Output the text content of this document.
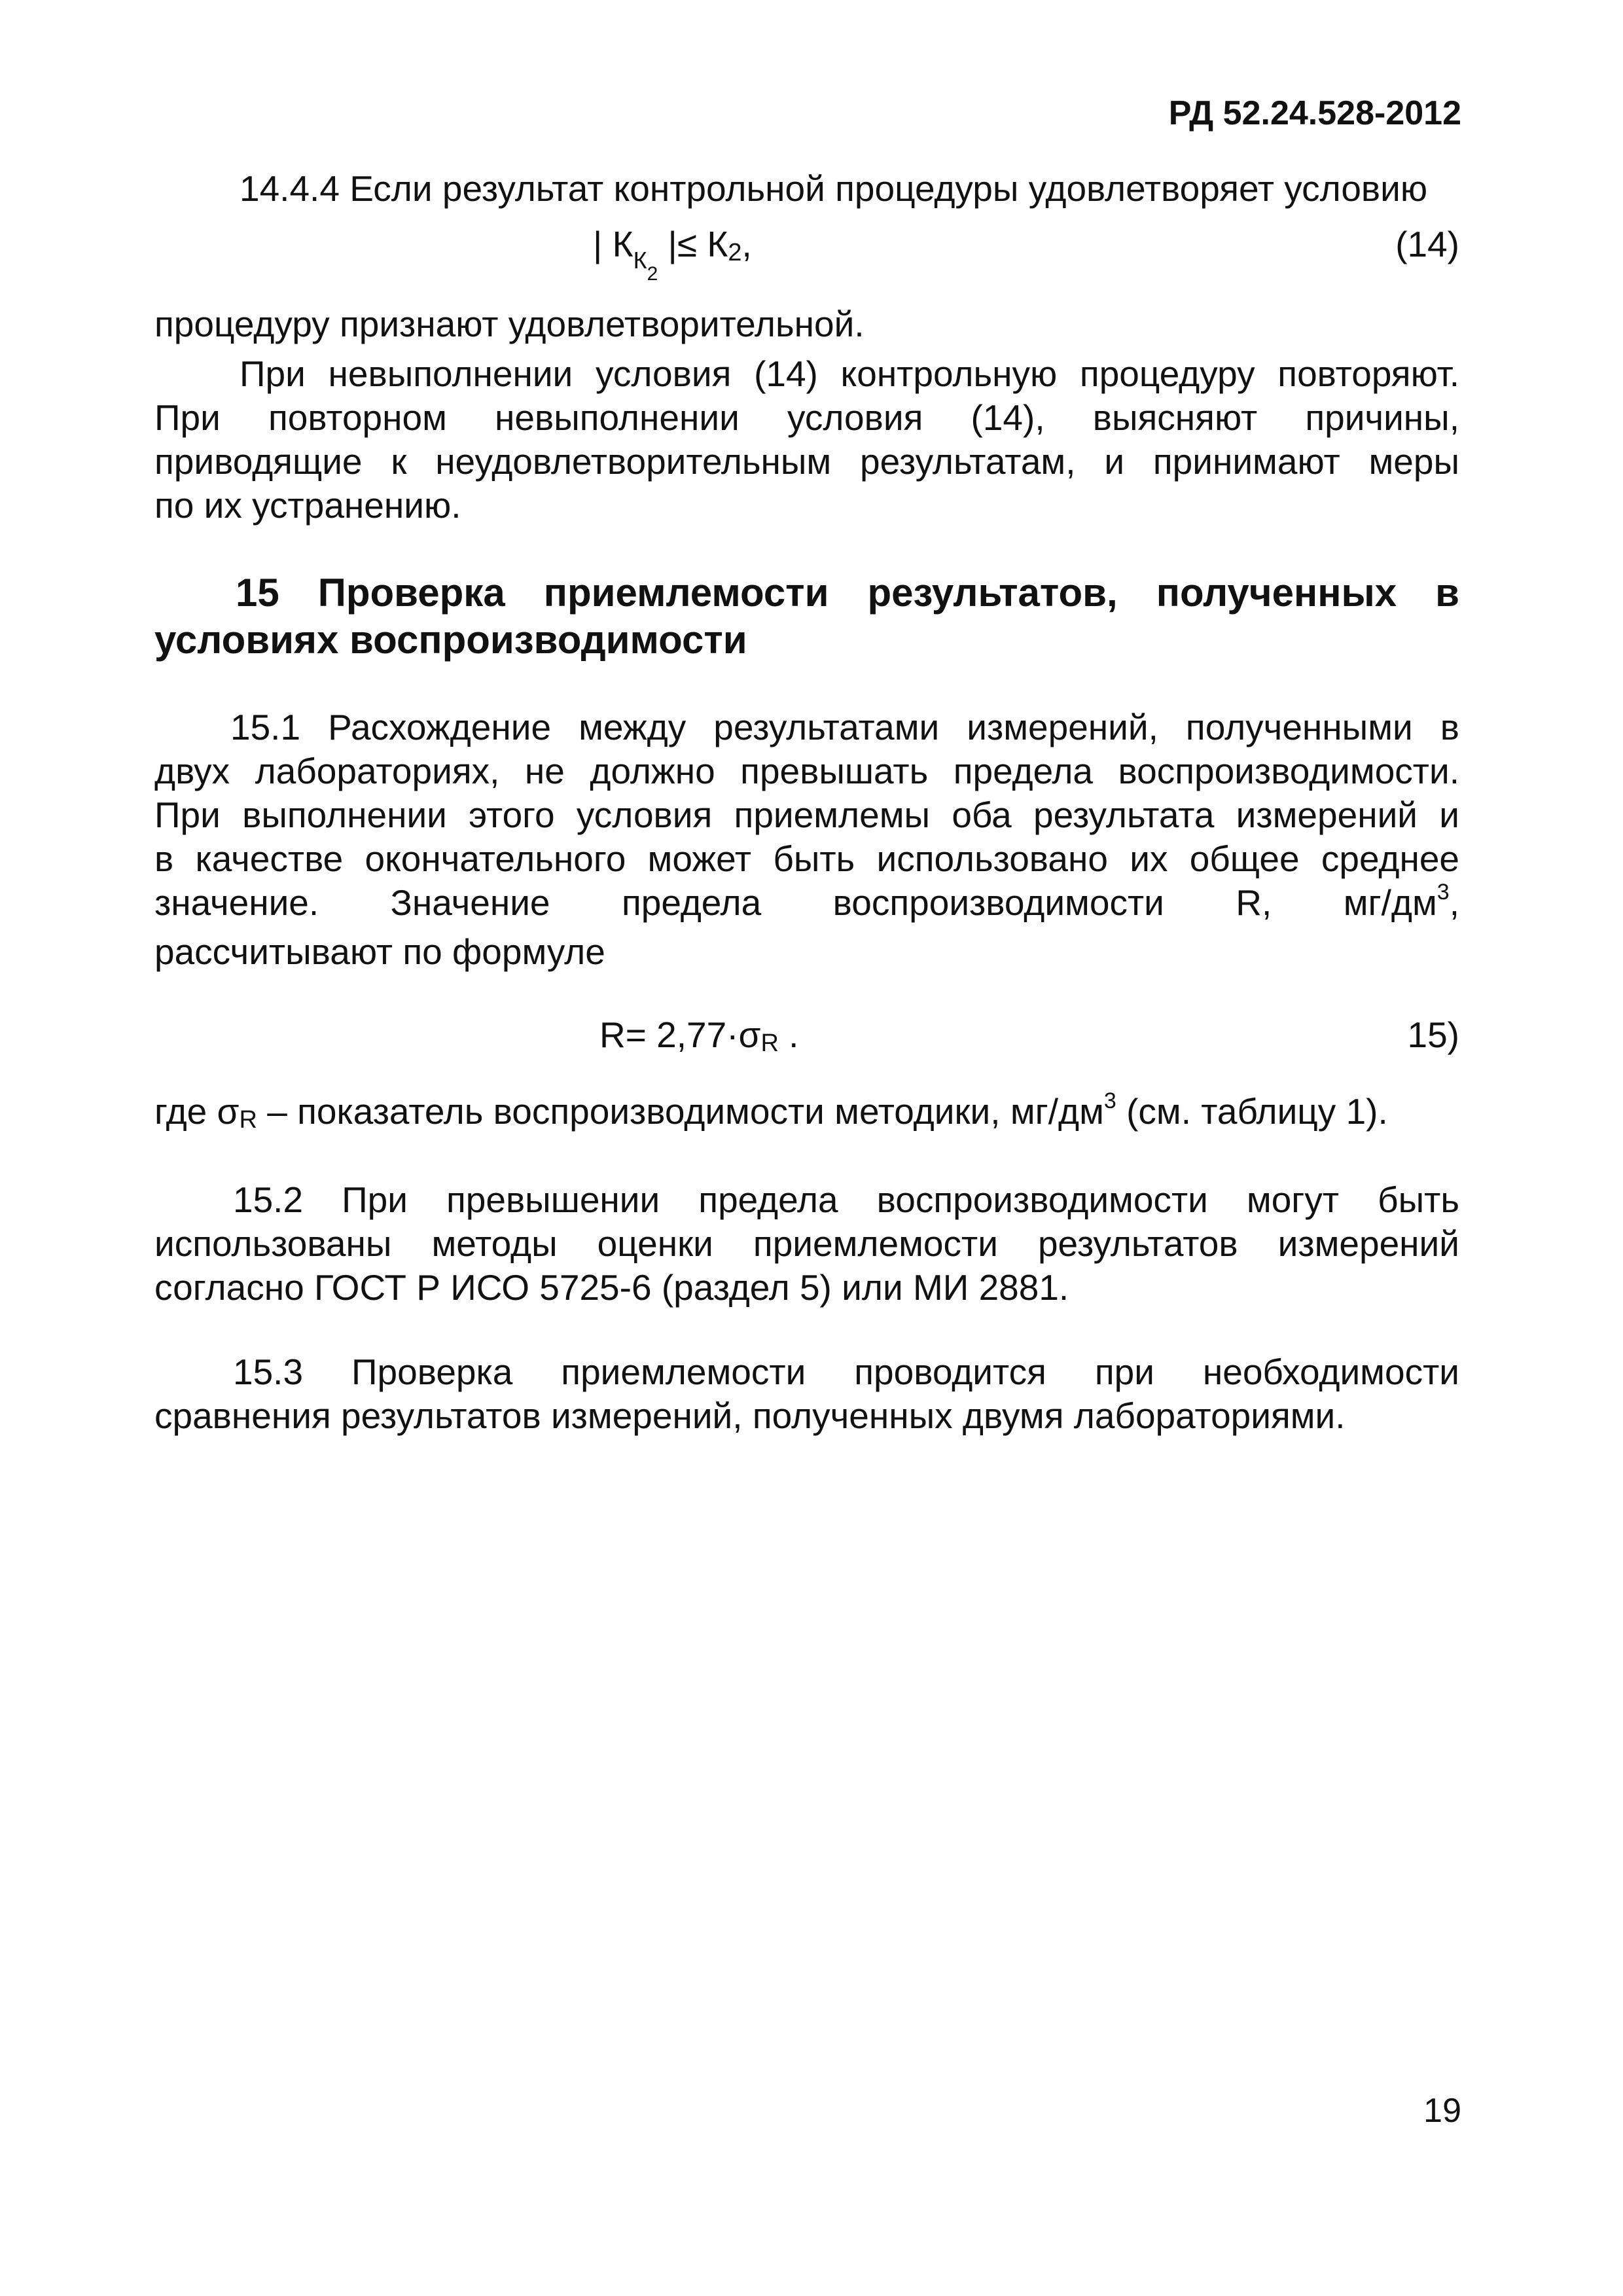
РД 52.24.528-2012
14.4.4 Если результат контрольной процедуры удовлетворяет условию
| $К_{К2}$ |≤ К2,	(14)
процедуру признают удовлетворительной.
При невыполнении условия (14) контрольную процедуру повторяют.
При повторном невыполнении условия (14), выясняют причины,
приводящие к неудовлетворительным результатам, и принимают меры
по их устранению.
15 Проверка приемлемости результатов, полученных в
условиях воспроизводимости
15.1 Расхождение между результатами измерений, полученными в
двух лабораториях, не должно превышать предела воспроизводимости.
При выполнении этого условия приемлемы оба результата измерений и
в качестве окончательного может быть использовано их общее среднее
значение. Значение предела воспроизводимости R, $мг/дм^3$,
рассчитывают по формуле
R= 2,77·σR .	15)
где σR – показатель воспроизводимости методики, $мг/дм^3$ (см. таблицу 1).
15.2 При превышении предела воспроизводимости могут быть
использованы методы оценки приемлемости результатов измерений
согласно ГОСТ Р ИСО 5725-6 (раздел 5) или МИ 2881.
15.3 Проверка приемлемости проводится при необходимости
сравнения результатов измерений, полученных двумя лабораториями.
19
